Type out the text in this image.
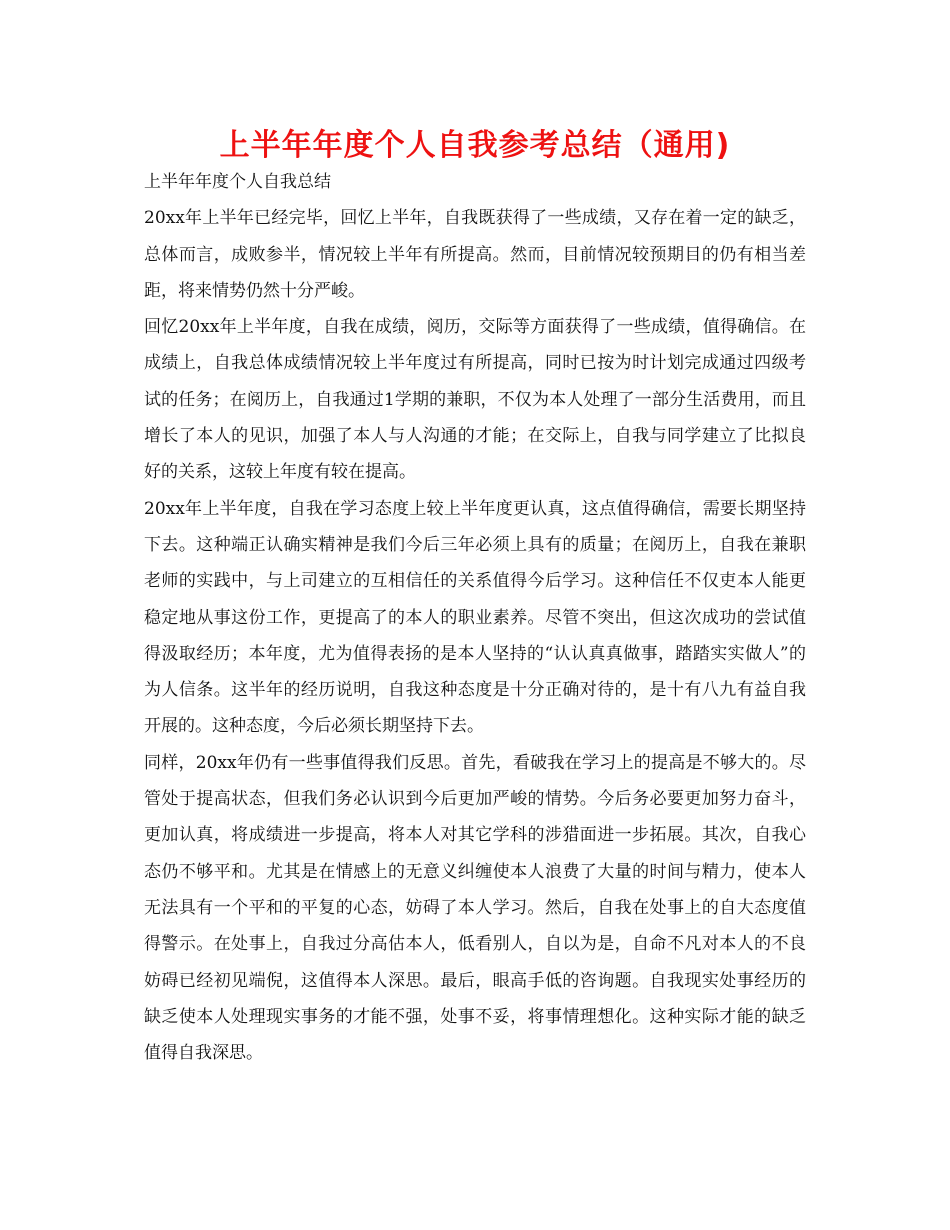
上半年年度个人自我参考总结（通用)

上半年年度个人自我总结

20xx年上半年已经完毕，回忆上半年，自我既获得了一些成绩，又存在着一定的缺乏，总体而言，成败参半，情况较上半年有所提高。然而，目前情况较预期目的仍有相当差距，将来情势仍然十分严峻。

回忆20xx年上半年度，自我在成绩，阅历，交际等方面获得了一些成绩，值得确信。在成绩上，自我总体成绩情况较上半年度过有所提高，同时已按为时计划完成通过四级考试的任务；在阅历上，自我通过1学期的兼职，不仅为本人处理了一部分生活费用，而且增长了本人的见识，加强了本人与人沟通的才能；在交际上，自我与同学建立了比拟良好的关系，这较上年度有较在提高。

20xx年上半年度，自我在学习态度上较上半年度更认真，这点值得确信，需要长期坚持下去。这种端正认确实精神是我们今后三年必须上具有的质量；在阅历上，自我在兼职老师的实践中，与上司建立的互相信任的关系值得今后学习。这种信任不仅吏本人能更稳定地从事这份工作，更提高了的本人的职业素养。尽管不突出，但这次成功的尝试值得汲取经历；本年度，尤为值得表扬的是本人坚持的“认认真真做事，踏踏实实做人”的为人信条。这半年的经历说明，自我这种态度是十分正确对待的，是十有八九有益自我开展的。这种态度，今后必须长期坚持下去。

同样，20xx年仍有一些事值得我们反思。首先，看破我在学习上的提高是不够大的。尽管处于提高状态，但我们务必认识到今后更加严峻的情势。今后务必要更加努力奋斗，更加认真，将成绩进一步提高，将本人对其它学科的涉猎面进一步拓展。其次，自我心态仍不够平和。尤其是在情感上的无意义纠缠使本人浪费了大量的时间与精力，使本人无法具有一个平和的平复的心态，妨碍了本人学习。然后，自我在处事上的自大态度值得警示。在处事上，自我过分高估本人，低看别人，自以为是，自命不凡对本人的不良妨碍已经初见端倪，这值得本人深思。最后，眼高手低的咨询题。自我现实处事经历的缺乏使本人处理现实事务的才能不强，处事不妥，将事情理想化。这种实际才能的缺乏值得自我深思。
